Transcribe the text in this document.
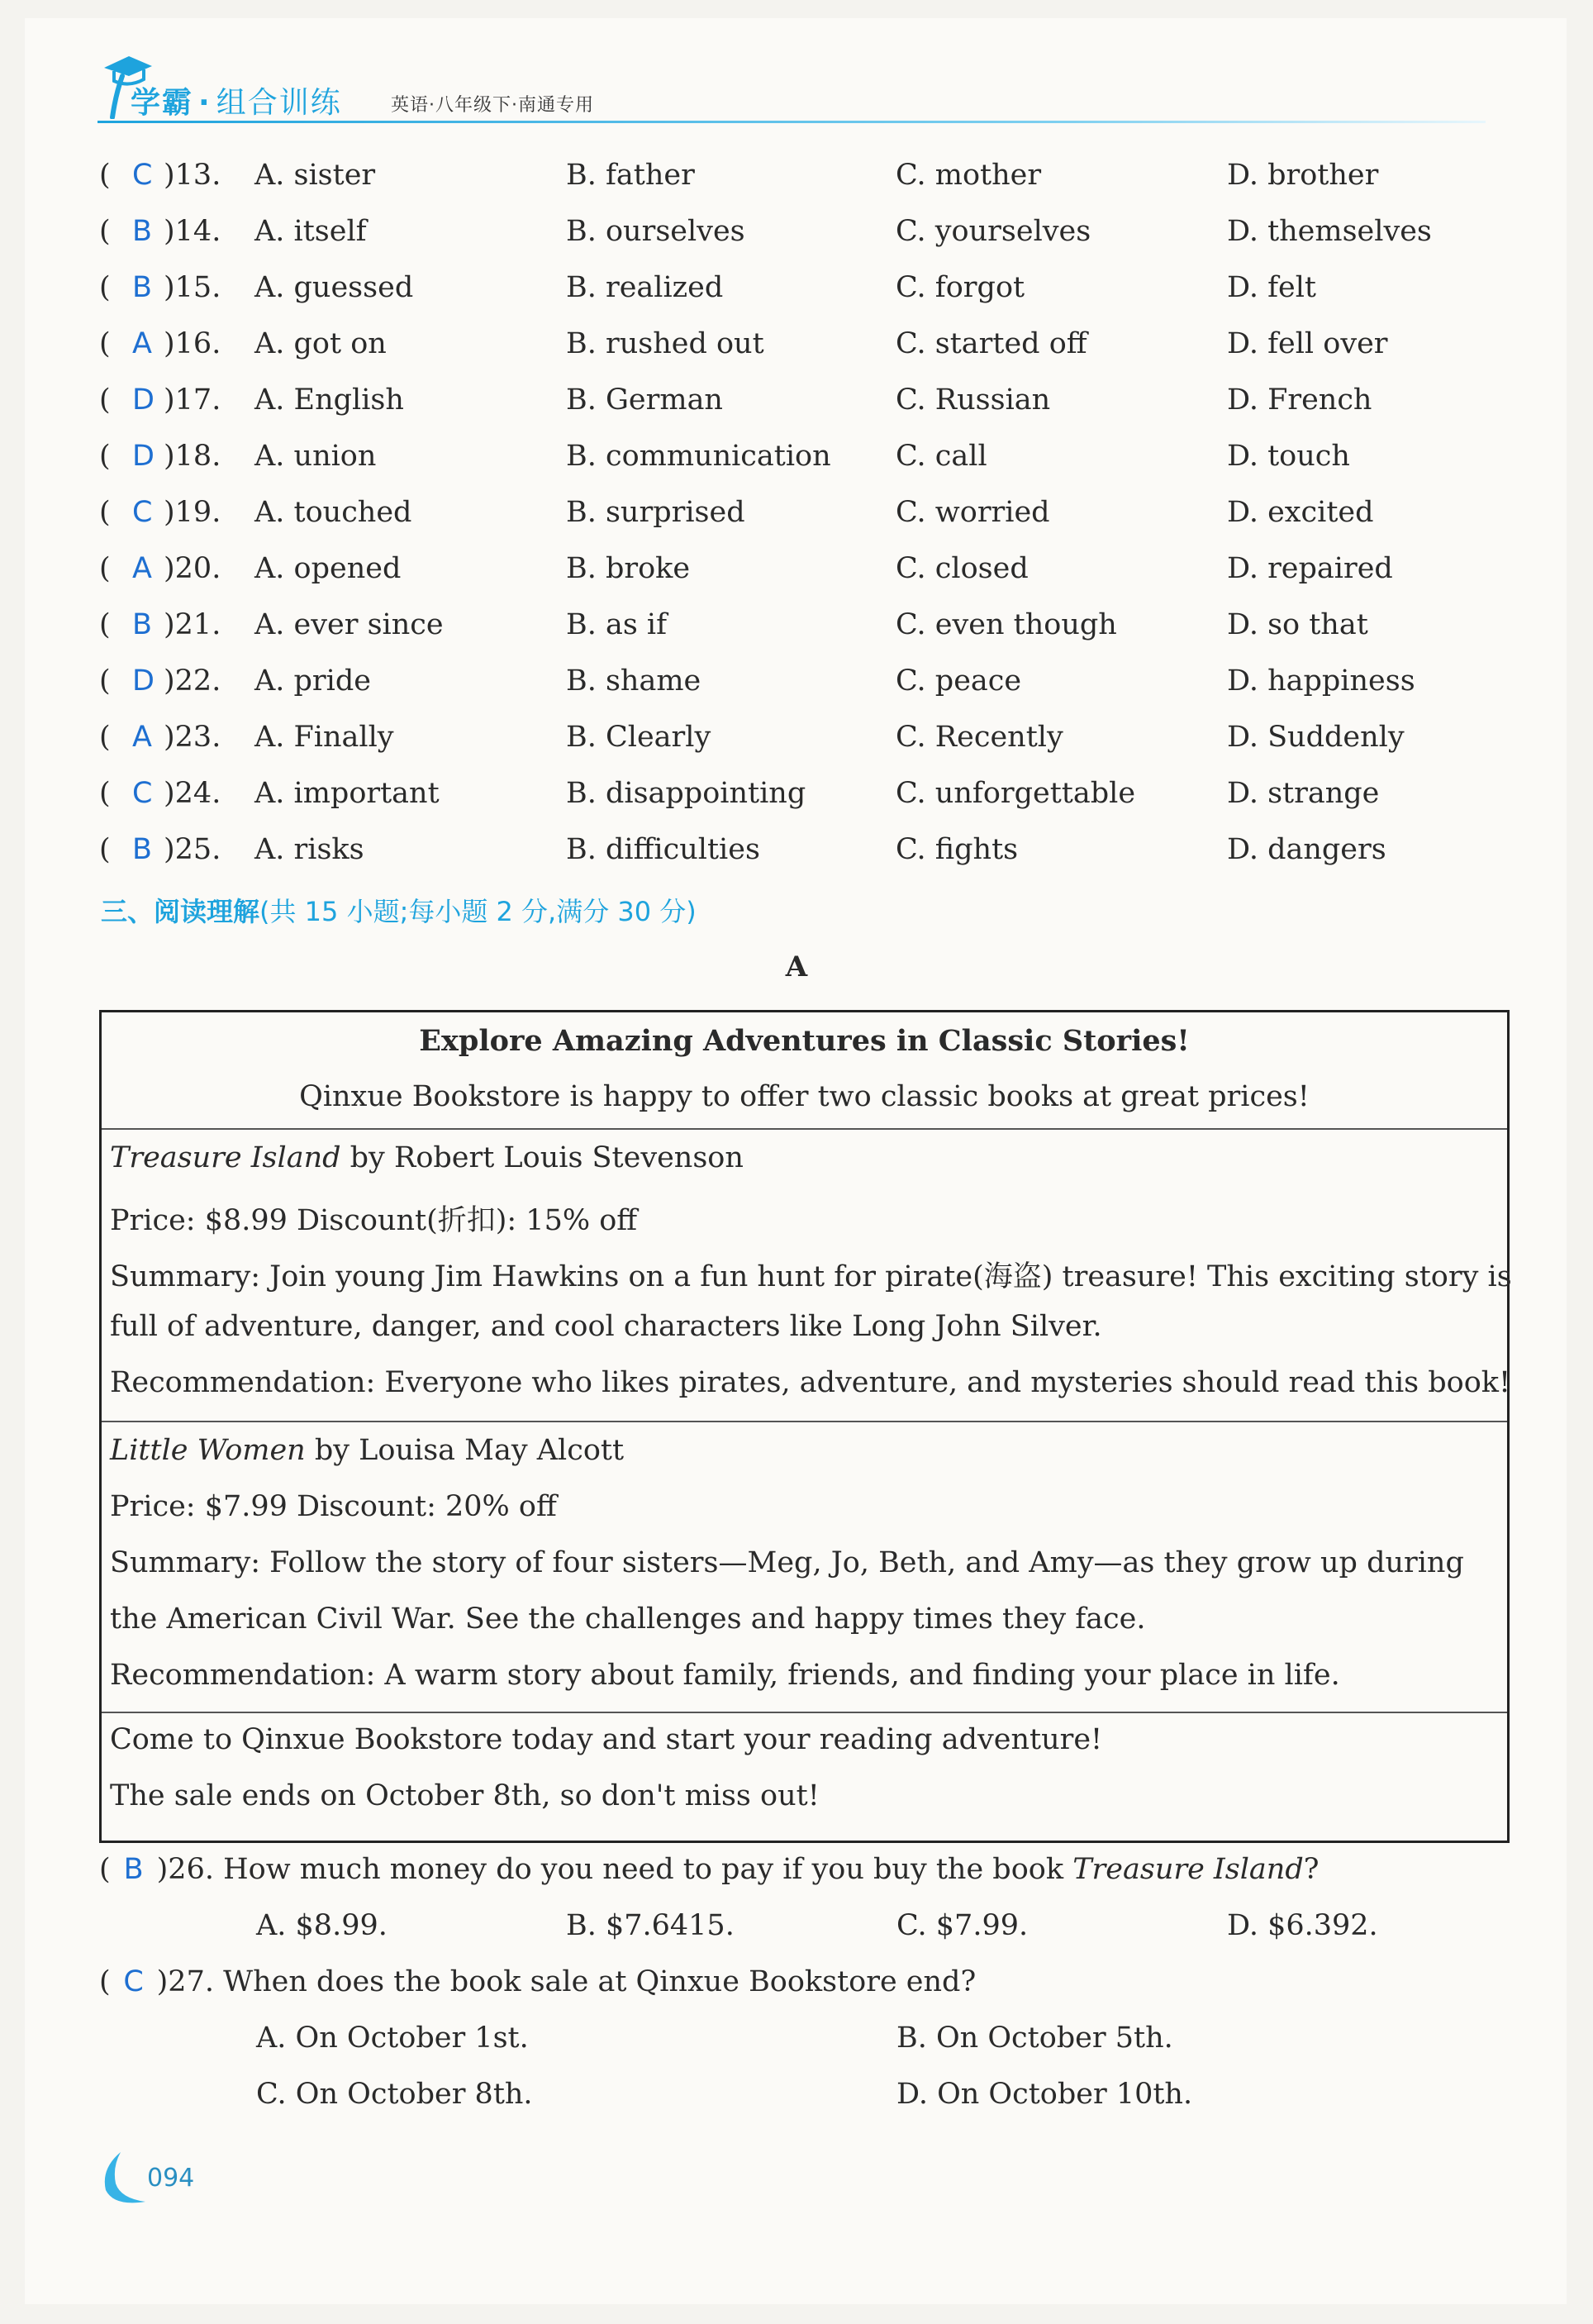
学霸 · 组合训练	英语·八年级下·南通专用
( C )13. A. sister	B. father	C. mother	D. brother
( B )14. A. itself	B. ourselves	C. yourselves	D. themselves
( B )15. A. guessed	B. realized	C. forgot	D. felt
( A )16. A. got on	B. rushed out	C. started off	D. fell over
( D )17. A. English	B. German	C. Russian	D. French
( D )18. A. union	B. communication C. call	D. touch
( C )19. A. touched	B. surprised	C. worried	D. excited
( A )20. A. opened	B. broke	C. closed	D. repaired
( B )21. A. ever since	B. as if	C. even though	D. so that
( D )22. A. pride	B. shame	C. peace	D. happiness
( A )23. A. Finally	B. Clearly	C. Recently	D. Suddenly
( C )24. A. important	B. disappointing	C. unforgettable	D. strange
( B )25. A. risks	B. difficulties	C. fights	D. dangers
三、阅读理解(共 15 小题;每小题 2 分,满分 30 分)
A
Explore Amazing Adventures in Classic Stories!
Qinxue Bookstore is happy to offer two classic books at great prices!
Treasure Island by Robert Louis Stevenson
Price: $8.99 Discount(折扣): 15% off
Summary: Join young Jim Hawkins on a fun hunt for pirate(海盗) treasure! This exciting story is
full of adventure, danger, and cool characters like Long John Silver.
Recommendation: Everyone who likes pirates, adventure, and mysteries should read this book!
Little Women by Louisa May Alcott
Price: $7.99 Discount: 20% off
Summary: Follow the story of four sisters—Meg, Jo, Beth, and Amy—as they grow up during
the American Civil War. See the challenges and happy times they face.
Recommendation: A warm story about family, friends, and finding your place in life.
Come to Qinxue Bookstore today and start your reading adventure!
The sale ends on October 8th, so don't miss out!
( B )26. How much money do you need to pay if you buy the book Treasure Island?
A. $8.99.	B. $7.6415.	C. $7.99.	D. $6.392.
( C )27. When does the book sale at Qinxue Bookstore end?
A. On October 1st.	B. On October 5th.
C. On October 8th.	D. On October 10th.
094
